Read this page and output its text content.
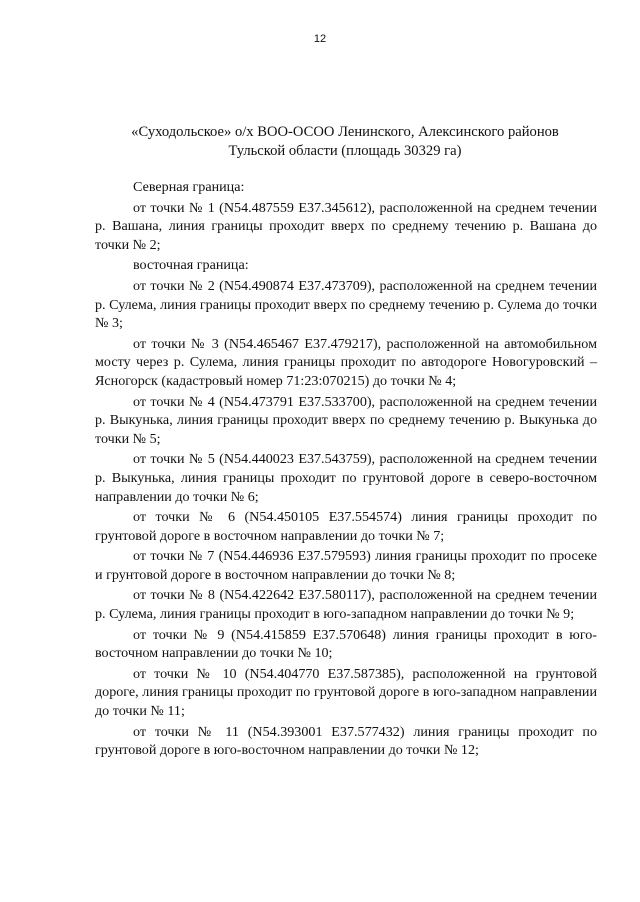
12
«Суходольское» о/х ВОО-ОСОО Ленинского, Алексинского районов
Тульской области (площадь 30329 га)

Северная граница:

от точки № 1 (N54.487559 E37.345612), расположенной на среднем течении р. Вашана, линия границы проходит вверх по среднему течению р. Вашана до точки № 2;

восточная граница:

от точки № 2 (N54.490874 E37.473709), расположенной на среднем течении р. Сулема, линия границы проходит вверх по среднему течению р. Сулема до точки № 3;

от точки № 3 (N54.465467 E37.479217), расположенной на автомобильном мосту через р. Сулема, линия границы проходит по автодороге Новогуровский – Ясногорск (кадастровый номер 71:23:070215) до точки № 4;

от точки № 4 (N54.473791 E37.533700), расположенной на среднем течении р. Выкунька, линия границы проходит вверх по среднему течению р. Выкунька до точки № 5;

от точки № 5 (N54.440023 E37.543759), расположенной на среднем течении р. Выкунька, линия границы проходит по грунтовой дороге в северо-восточном направлении до точки № 6;

от точки № 6 (N54.450105 E37.554574) линия границы проходит по грунтовой дороге в восточном направлении до точки № 7;

от точки № 7 (N54.446936 E37.579593) линия границы проходит по просеке и грунтовой дороге в восточном направлении до точки № 8;

от точки № 8 (N54.422642 E37.580117), расположенной на среднем течении р. Сулема, линия границы проходит в юго-западном направлении до точки № 9;

от точки № 9 (N54.415859 E37.570648) линия границы проходит в юго-восточном направлении до точки № 10;

от точки № 10 (N54.404770 E37.587385), расположенной на грунтовой дороге, линия границы проходит по грунтовой дороге в юго-западном направлении до точки № 11;

от точки № 11 (N54.393001 E37.577432) линия границы проходит по грунтовой дороге в юго-восточном направлении до точки № 12;
